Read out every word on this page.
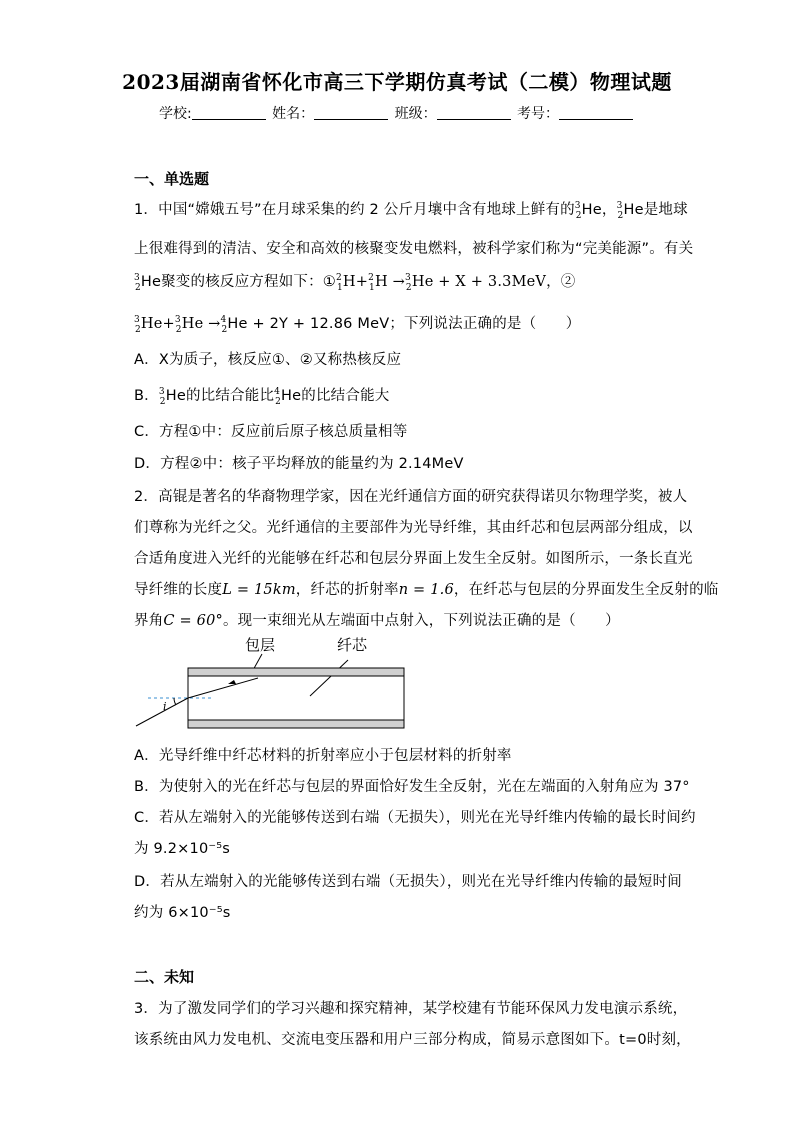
2023届湖南省怀化市高三下学期仿真考试（二模）物理试题
学校:	姓名：	班级：	考号：
一、单选题
1．中国“嫦娥五号”在月球采集的约 2 公斤月壤中含有地球上鲜有的$^3_2$He，$^3_2$He是地球
上很难得到的清洁、安全和高效的核聚变发电燃料，被科学家们称为“完美能源”。有关
$^3_2$He聚变的核反应方程如下：①$^2_1$H+$^2_1$H →$^3_2$He + X + 3.3MeV，②
$^3_2$He+$^3_2$He →$^4_2$He + 2Y + 12.86 MeV；下列说法正确的是（　　）
A．X为质子，核反应①、②又称热核反应
B．$^3_2$He的比结合能比$^4_2$He的比结合能大
C．方程①中：反应前后原子核总质量相等
D．方程②中：核子平均释放的能量约为 2.14MeV
2．高锟是著名的华裔物理学家，因在光纤通信方面的研究获得诺贝尔物理学奖，被人
们尊称为光纤之父。光纤通信的主要部件为光导纤维，其由纤芯和包层两部分组成，以
合适角度进入光纤的光能够在纤芯和包层分界面上发生全反射。如图所示，一条长直光
导纤维的长度L = 15km，纤芯的折射率n = 1.6，在纤芯与包层的分界面发生全反射的临
界角C = 60°。现一束细光从左端面中点射入，下列说法正确的是（　　）
包层	纤芯
i
A．光导纤维中纤芯材料的折射率应小于包层材料的折射率
B．为使射入的光在纤芯与包层的界面恰好发生全反射，光在左端面的入射角应为 37°
C．若从左端射入的光能够传送到右端（无损失），则光在光导纤维内传输的最长时间约
为 9.2×10⁻⁵s
D．若从左端射入的光能够传送到右端（无损失），则光在光导纤维内传输的最短时间
约为 6×10⁻⁵s
二、未知
3．为了激发同学们的学习兴趣和探究精神，某学校建有节能环保风力发电演示系统，
该系统由风力发电机、交流电变压器和用户三部分构成，简易示意图如下。t=0时刻，
